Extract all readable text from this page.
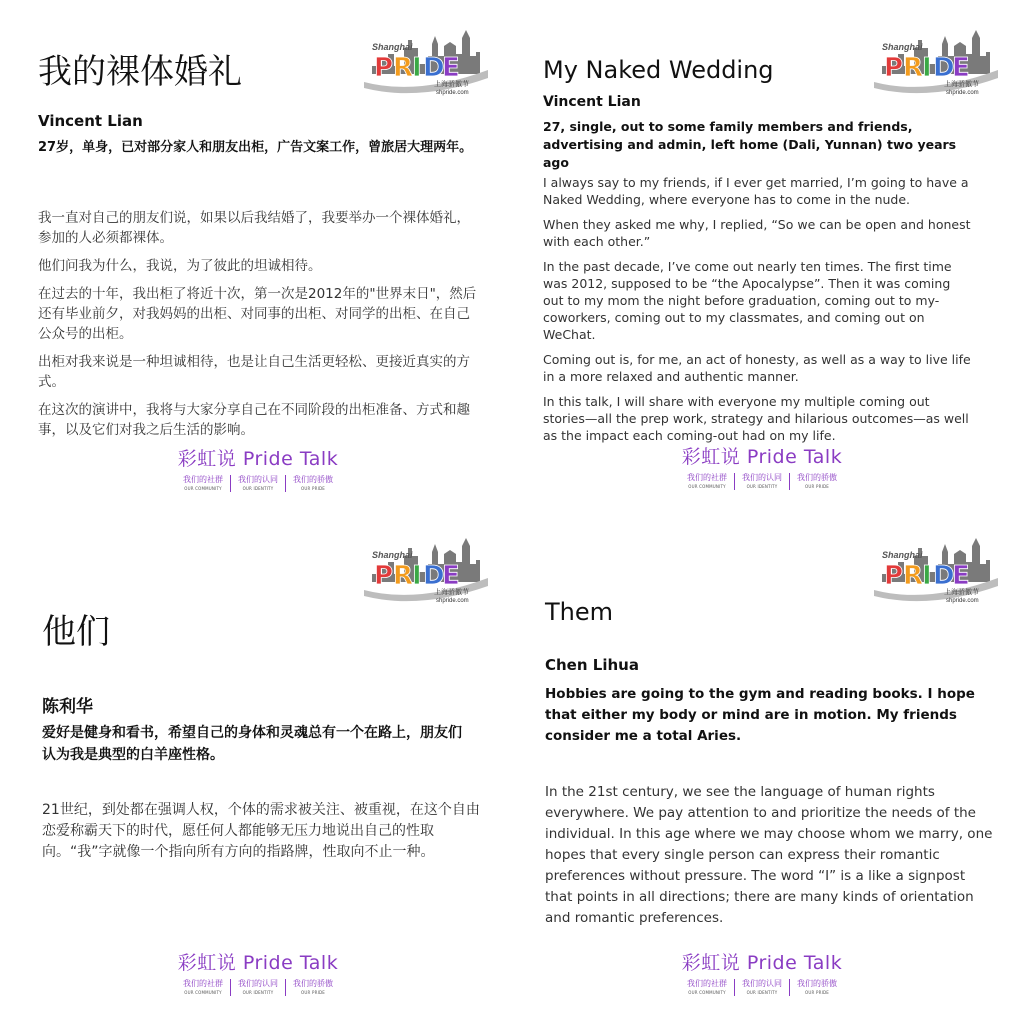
我的裸体婚礼
Shanghai
P R
I D
E
上海骄傲节
shpride.com
Vincent Lian
27岁，单身，已对部分家人和朋友出柜，广告文案工作，曾旅居大理两年。

我一直对自己的朋友们说，如果以后我结婚了，我要举办一个裸体婚礼，参加的人必须都裸体。

他们问我为什么，我说，为了彼此的坦诚相待。

在过去的十年，我出柜了将近十次，第一次是2012年的"世界末日"，然后还有毕业前夕，对我妈妈的出柜、对同事的出柜、对同学的出柜、在自己公众号的出柜。

出柜对我来说是一种坦诚相待，也是让自己生活更轻松、更接近真实的方式。

在这次的演讲中，我将与大家分享自己在不同阶段的出柜准备、方式和趣事，以及它们对我之后生活的影响。

彩虹说 Pride Talk
我们的社群
OUR COMMUNITY
我们的认同
OUR IDENTITY
我们的骄傲
OUR PRIDE
My Naked Wedding
Shanghai
P R
I D
E
上海骄傲节
shpride.com
Vincent Lian
27, single, out to some family members and friends, advertising and admin, left home (Dali, Yunnan) two years ago

I always say to my friends, if I ever get married, I’m going to have a Naked Wedding, where everyone has to come in the nude.

When they asked me why, I replied, “So we can be open and honest with each other.”

In the past decade, I’ve come out nearly ten times. The first time was 2012, supposed to be “the Apocalypse”. Then it was coming out to my mom the night before graduation, coming out to my-coworkers, coming out to my classmates, and coming out on WeChat.

Coming out is, for me, an act of honesty, as well as a way to live life in a more relaxed and authentic manner.

In this talk, I will share with everyone my multiple coming out stories—all the prep work, strategy and hilarious outcomes—as well as the impact each coming-out had on my life.

彩虹说 Pride Talk
我们的社群
OUR COMMUNITY
我们的认同
OUR IDENTITY
我们的骄傲
OUR PRIDE
他们
Shanghai
P R
I D
E
上海骄傲节
shpride.com
陈利华
爱好是健身和看书，希望自己的身体和灵魂总有一个在路上，朋友们认为我是典型的白羊座性格。

21世纪，到处都在强调人权，个体的需求被关注、被重视，在这个自由恋爱称霸天下的时代，愿任何人都能够无压力地说出自己的性取向。“我”字就像一个指向所有方向的指路牌，性取向不止一种。

彩虹说 Pride Talk
我们的社群
OUR COMMUNITY
我们的认同
OUR IDENTITY
我们的骄傲
OUR PRIDE
Them
Shanghai
P R
I D
E
上海骄傲节
shpride.com
Chen Lihua
Hobbies are going to the gym and reading books. I hope that either my body or mind are in motion. My friends consider me a total Aries.

In the 21st century, we see the language of human rights everywhere. We pay attention to and prioritize the needs of the individual. In this age where we may choose whom we marry, one hopes that every single person can express their romantic preferences without pressure. The word “I” is a like a signpost that points in all directions; there are many kinds of orientation and romantic preferences.

彩虹说 Pride Talk
我们的社群
OUR COMMUNITY
我们的认同
OUR IDENTITY
我们的骄傲
OUR PRIDE
